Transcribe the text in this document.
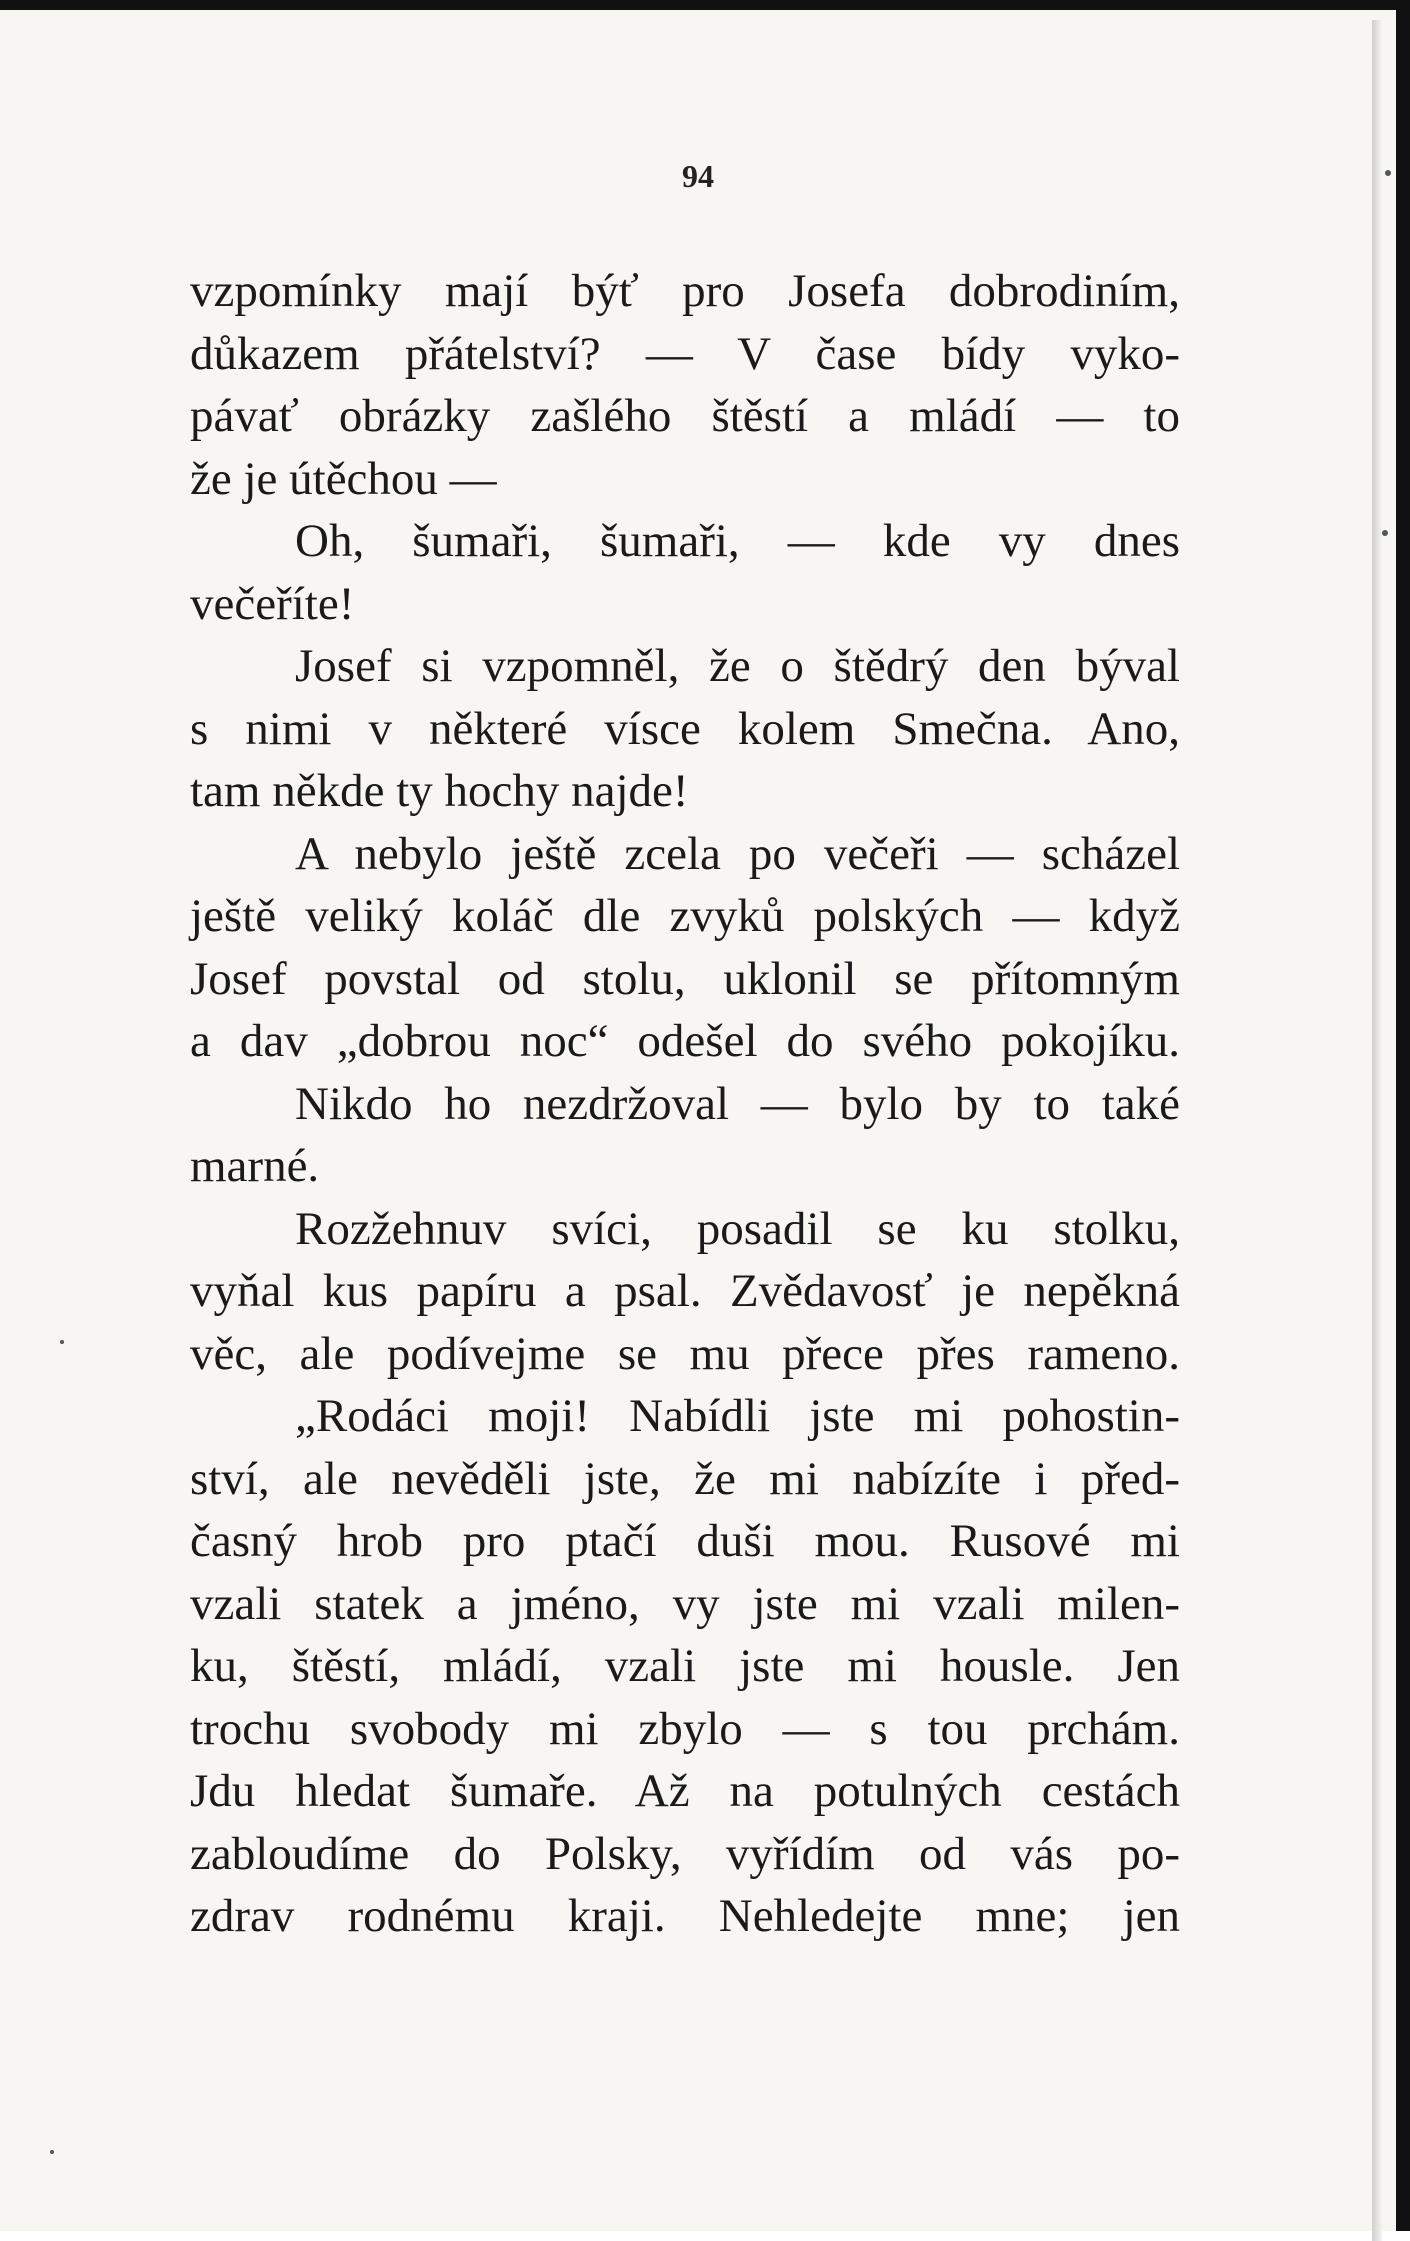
94
vzpomínky mají býť pro Josefa dobrodiním,
důkazem přátelství? — V čase bídy vyko-
pávať obrázky zašlého štěstí a mládí — to
že je útěchou —
Oh, šumaři, šumaři, — kde vy dnes
večeříte!
Josef si vzpomněl, že o štědrý den býval
s nimi v některé vísce kolem Smečna. Ano,
tam někde ty hochy najde!
A nebylo ještě zcela po večeři — scházel
ještě veliký koláč dle zvyků polských — když
Josef povstal od stolu, uklonil se přítomným
a dav „dobrou noc“ odešel do svého pokojíku.
Nikdo ho nezdržoval — bylo by to také
marné.
Rozžehnuv svíci, posadil se ku stolku,
vyňal kus papíru a psal. Zvědavosť je nepěkná
věc, ale podívejme se mu přece přes rameno.
„Rodáci moji! Nabídli jste mi pohostin-
ství, ale nevěděli jste, že mi nabízíte i před-
časný hrob pro ptačí duši mou. Rusové mi
vzali statek a jméno, vy jste mi vzali milen-
ku, štěstí, mládí, vzali jste mi housle. Jen
trochu svobody mi zbylo — s tou prchám.
Jdu hledat šumaře. Až na potulných cestách
zabloudíme do Polsky, vyřídím od vás po-
zdrav rodnému kraji. Nehledejte mne; jen
